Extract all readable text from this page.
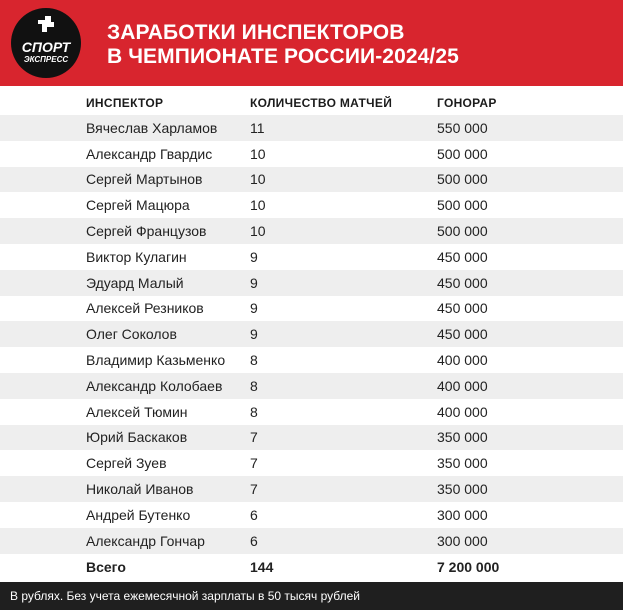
СПОРТ
ЭКСПРЕСС
ЗАРАБОТКИ ИНСПЕКТОРОВ
В ЧЕМПИОНАТЕ РОССИИ-2024/25
ИНСПЕКТОР	КОЛИЧЕСТВО МАТЧЕЙ	ГОНОРАР
Вячеслав Харламов	11	550 000
Александр Гвардис	10	500 000
Сергей Мартынов	10	500 000
Сергей Мацюра	10	500 000
Сергей Французов	10	500 000
Виктор Кулагин	9	450 000
Эдуард Малый	9	450 000
Алексей Резников	9	450 000
Олег Соколов	9	450 000
Владимир Казьменко	8	400 000
Александр Колобаев	8	400 000
Алексей Тюмин	8	400 000
Юрий Баскаков	7	350 000
Сергей Зуев	7	350 000
Николай Иванов	7	350 000
Андрей Бутенко	6	300 000
Александр Гончар	6	300 000
Всего	144	7 200 000

В рублях. Без учета ежемесячной зарплаты в 50 тысяч рублей
